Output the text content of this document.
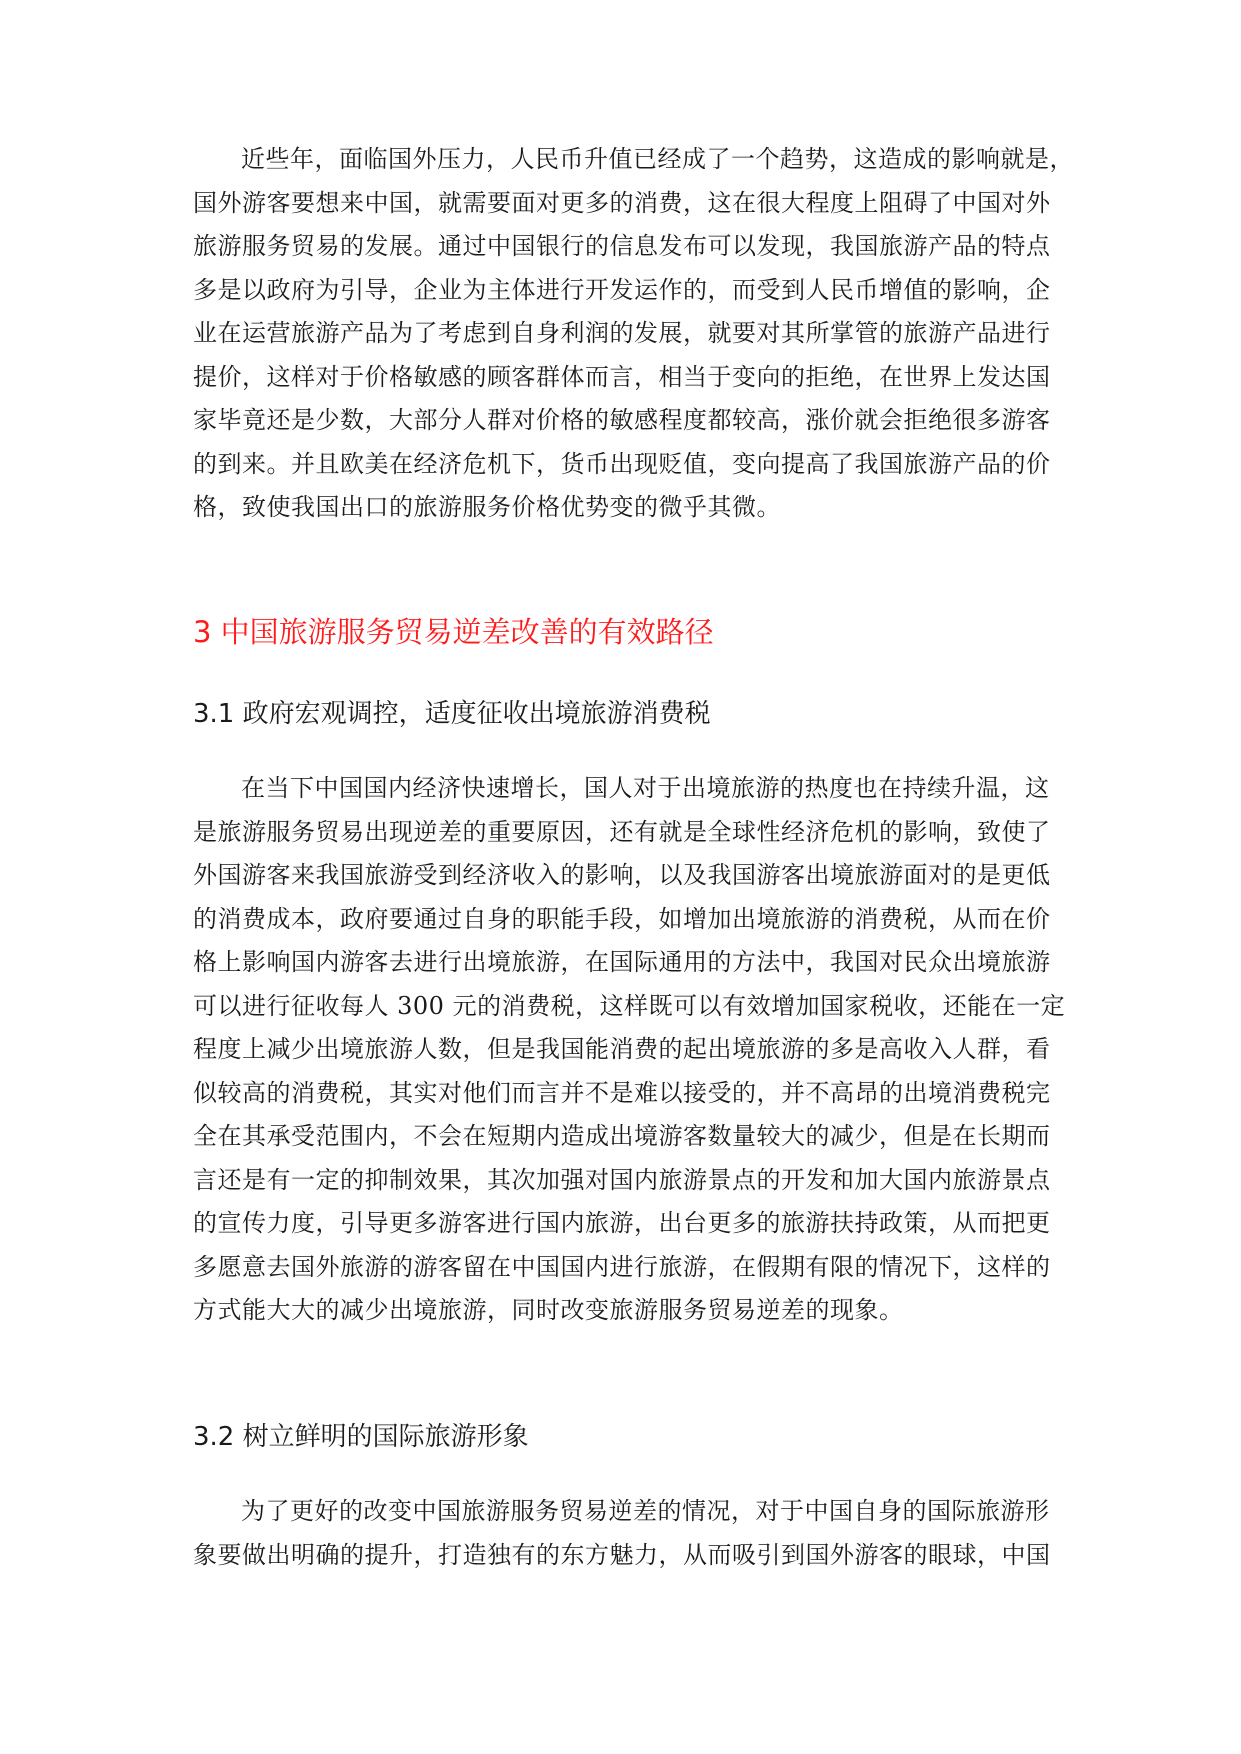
近些年，面临国外压力，人民币升值已经成了一个趋势，这造成的影响就是，
国外游客要想来中国，就需要面对更多的消费，这在很大程度上阻碍了中国对外
旅游服务贸易的发展。通过中国银行的信息发布可以发现，我国旅游产品的特点
多是以政府为引导，企业为主体进行开发运作的，而受到人民币增值的影响，企
业在运营旅游产品为了考虑到自身利润的发展，就要对其所掌管的旅游产品进行
提价，这样对于价格敏感的顾客群体而言，相当于变向的拒绝，在世界上发达国
家毕竟还是少数，大部分人群对价格的敏感程度都较高，涨价就会拒绝很多游客
的到来。并且欧美在经济危机下，货币出现贬值，变向提高了我国旅游产品的价
格，致使我国出口的旅游服务价格优势变的微乎其微。
3 中国旅游服务贸易逆差改善的有效路径
3.1 政府宏观调控，适度征收出境旅游消费税
在当下中国国内经济快速增长，国人对于出境旅游的热度也在持续升温，这
是旅游服务贸易出现逆差的重要原因，还有就是全球性经济危机的影响，致使了
外国游客来我国旅游受到经济收入的影响，以及我国游客出境旅游面对的是更低
的消费成本，政府要通过自身的职能手段，如增加出境旅游的消费税，从而在价
格上影响国内游客去进行出境旅游，在国际通用的方法中，我国对民众出境旅游
可以进行征收每人 300 元的消费税，这样既可以有效增加国家税收，还能在一定
程度上减少出境旅游人数，但是我国能消费的起出境旅游的多是高收入人群，看
似较高的消费税，其实对他们而言并不是难以接受的，并不高昂的出境消费税完
全在其承受范围内，不会在短期内造成出境游客数量较大的减少，但是在长期而
言还是有一定的抑制效果，其次加强对国内旅游景点的开发和加大国内旅游景点
的宣传力度，引导更多游客进行国内旅游，出台更多的旅游扶持政策，从而把更
多愿意去国外旅游的游客留在中国国内进行旅游，在假期有限的情况下，这样的
方式能大大的减少出境旅游，同时改变旅游服务贸易逆差的现象。
3.2 树立鲜明的国际旅游形象
为了更好的改变中国旅游服务贸易逆差的情况，对于中国自身的国际旅游形
象要做出明确的提升，打造独有的东方魅力，从而吸引到国外游客的眼球，中国
